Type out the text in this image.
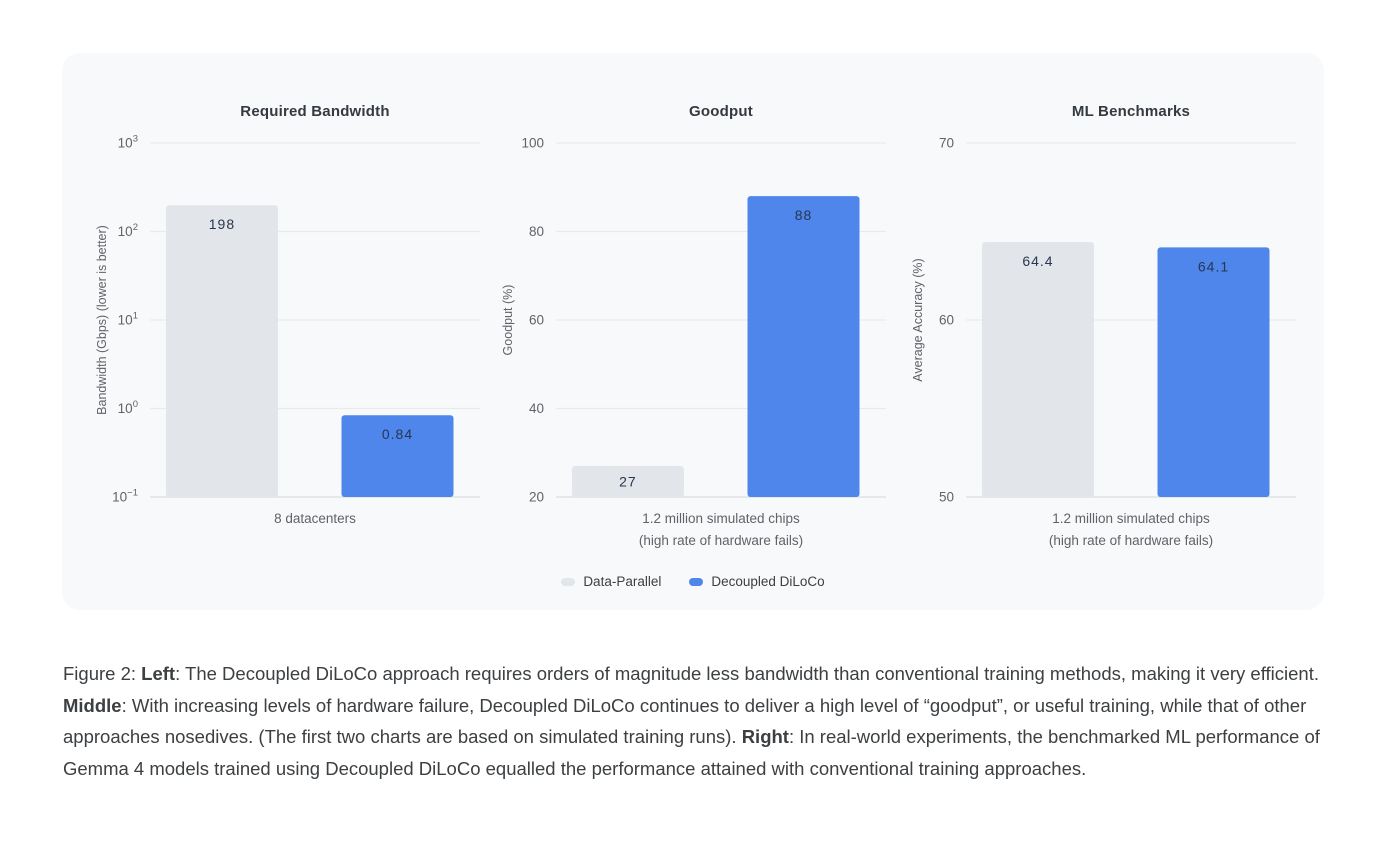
Required Bandwidth
$10^3$
$10^2$
$10^1$
$10^0$
$10^{-1}$
Bandwidth (Gbps) (lower is better)
198
0.84
8 datacenters
Goodput
100
80
60
40
20
Goodput (%)
27
88
1.2 million simulated chips
(high rate of hardware fails)
ML Benchmarks
70
60
50
Average Accuracy (%)	64.4	64.1
1.2 million simulated chips
(high rate of hardware fails)
Data-Parallel	Decoupled DiLoCo

Figure 2: Left: The Decoupled DiLoCo approach requires orders of magnitude less bandwidth than conventional training methods, making it very efficient. Middle: With increasing levels of hardware failure, Decoupled DiLoCo continues to deliver a high level of “goodput”, or useful training, while that of other approaches nosedives. (The first two charts are based on simulated training runs). Right: In real-world experiments, the benchmarked ML performance of Gemma 4 models trained using Decoupled DiLoCo equalled the performance attained with conventional training approaches.
